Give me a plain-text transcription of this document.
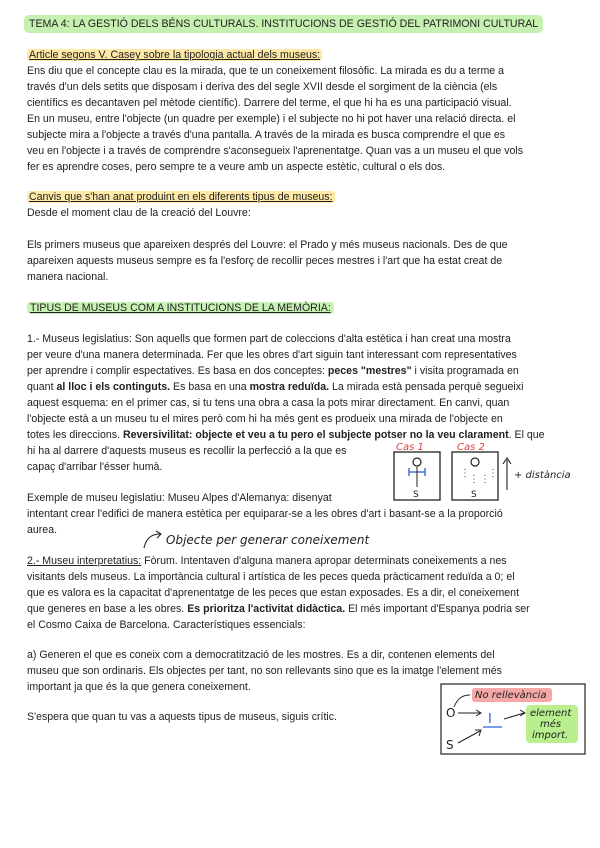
TEMA 4: LA GESTIÓ DELS BÉNS CULTURALS. INSTITUCIONS DE GESTIÓ DEL PATRIMONI CULTURAL
Article segons V. Casey sobre la tipologia actual dels museus:
Ens diu que el concepte clau es la mirada, que te un coneixement filosòfic. La mirada es du a terme a
través d'un dels setits que disposam i deriva des del segle XVII desde el sorgiment de la ciència (els
científics es decantaven pel mètode científic). Darrere del terme, el que hi ha es una participació visual.
En un museu, entre l'objecte (un quadre per exemple) i el subjecte no hi pot haver una relació directa. el
subjecte mira a l'objecte a través d'una pantalla. A través de la mirada es busca comprendre el que es
veu en l'objecte i a través de comprendre s'aconsegueix l'aprenentatge. Quan vas a un museu el que vols
fer es aprendre coses, pero sempre te a veure amb un aspecte estètic, cultural o els dos.
Canvis que s'han anat produint en els diferents tipus de museus:
Desde el moment clau de la creació del Louvre:
Els primers museus que apareixen després del Louvre: el Prado y més museus nacionals. Des de que
apareixen aquests museus sempre es fa l'esforç de recollir peces mestres i l'art que ha estat creat de
manera nacional.
TIPUS DE MUSEUS COM A INSTITUCIONS DE LA MEMÒRIA:
1.- Museus legislatius: Son aquells que formen part de coleccions d'alta estètica i han creat una mostra
per veure d'una manera determinada. Fer que les obres d'art siguin tant interessant com representatives
per aprendre i complir espectatives. Es basa en dos conceptes: peces "mestres" i visita programada en
quant al lloc i els continguts. Es basa en una mostra reduïda. La mirada està pensada perquè segueixi
aquest esquema: en el primer cas, si tu tens una obra a casa la pots mirar directament. En canvi, quan
l'objecte està a un museu tu el mires però com hi ha més gent es produeix una mirada de l'objecte en
totes les direccions. Reversivilitat: objecte et veu a tu pero el subjecte potser no la veu clarament. El que
hi ha al darrere d'aquests museus es recollir la perfecció a la que es
capaç d'arribar l'ésser humà.
Exemple de museu legislatiu: Museu Alpes d'Alemanya: disenyat
intentant crear l'edifici de manera estètica per equiparar-se a les obres d'art i basant-se a la proporció
aurea.
Cas 1	Cas 2
S
⋮
⋮ ⋮
⋮
S
+ distància
Objecte per generar coneixement
2.- Museu interpretatius: Fòrum. Intentaven d'alguna manera apropar determinats coneixements a nes
visitants dels museus. La importància cultural i artística de les peces queda pràcticament reduïda a 0; el
que es valora es la capacitat d'aprenentatge de les peces que estan exposades. Es a dir, el coneixement
que generes en base a les obres. Es prioritza l'activitat didàctica. El més important d'Espanya podria ser
el Cosmo Caixa de Barcelona. Característiques essencials:
a) Generen el que es coneix com a democratització de les mostres. Es a dir, contenen elements del
museu que son ordinaris. Els objectes per tant, no son rellevants sino que es la imatge l'element més
important ja que és la que genera coneixement.
S'espera que quan tu vas a aquests tipus de museus, siguis crític.
No rellevància
O	I	element
més
import.
S
